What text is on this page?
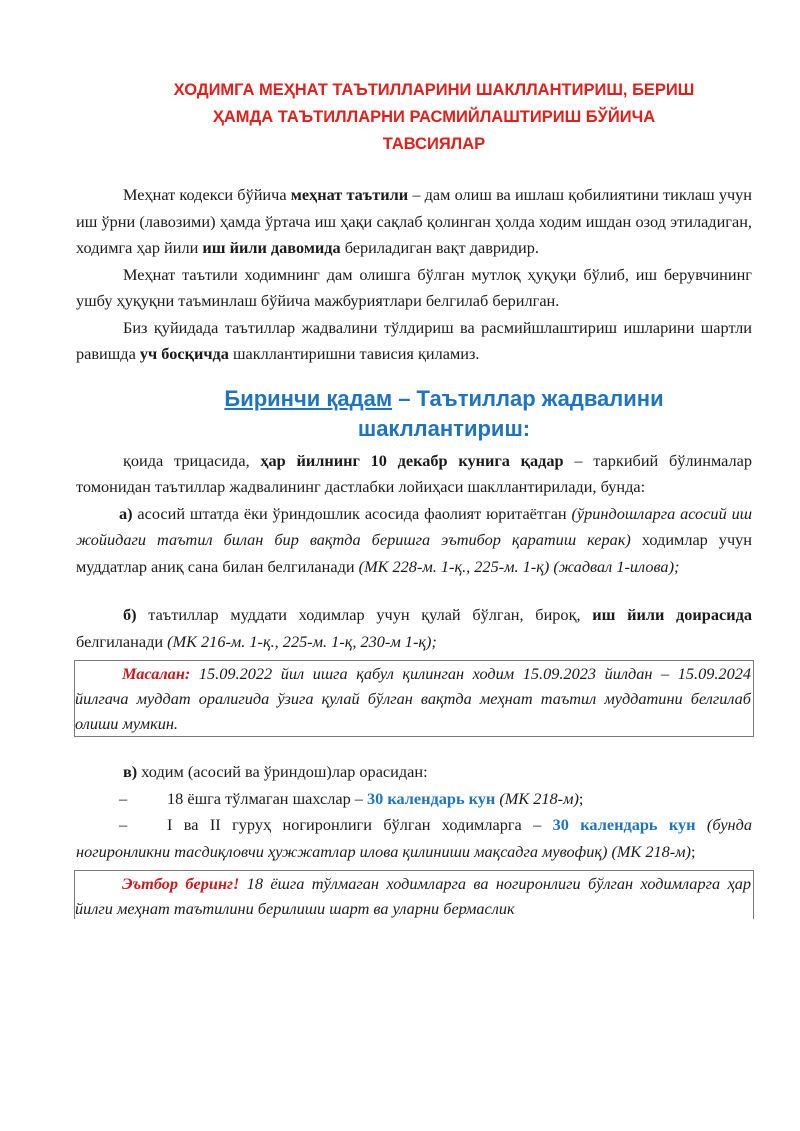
ХОДИМГА МЕҲНАТ ТАЪТИЛЛАРИНИ ШАКЛЛАНТИРИШ, БЕРИШ
ҲАМДА ТАЪТИЛЛАРНИ РАСМИЙЛАШТИРИШ БЎЙИЧА
ТАВСИЯЛАР

Меҳнат кодекси бўйича меҳнат таътили – дам олиш ва ишлаш қобилиятини тиклаш учун иш ўрни (лавозими) ҳамда ўртача иш ҳақи сақлаб қолинган ҳолда ходим ишдан озод этиладиган, ходимга ҳар йили иш йили давомида бериладиган вақт давридир.

Меҳнат таътили ходимнинг дам олишга бўлган мутлоқ ҳуқуқи бўлиб, иш берувчининг ушбу ҳуқуқни таъминлаш бўйича мажбуриятлари белгилаб берилган.

Биз қуйидада таътиллар жадвалини тўлдириш ва расмийшлаштириш ишларини шартли равишда уч босқичда шакллантиришни тависия қиламиз.

Биринчи қадам – Таътиллар жадвалини шакллантириш:

қоида трицасида, ҳар йилнинг 10 декабр кунига қадар – таркибий бўлинмалар томонидан таътиллар жадвалининг дастлабки лойиҳаси шакллантирилади, бунда:

а) асосий штатда ёки ўриндошлик асосида фаолият юритаётган (ўриндошларга асосий иш жойидаги таътил билан бир вақтда беришга эътибор қаратиш керак) ходимлар учун муддатлар аниқ сана билан белгиланади (МК 228-м. 1-қ., 225-м. 1-қ) (жадвал 1-илова);

б) таътиллар муддати ходимлар учун қулай бўлган, бироқ, иш йили доирасида белгиланади (МК 216-м. 1-қ., 225-м. 1-қ, 230-м 1-қ);

Масалан: 15.09.2022 йил ишга қабул қилинган ходим 15.09.2023 йилдан – 15.09.2024 йилгача муддат оралигида ўзига қулай бўлган вақтда меҳнат таътил муддатини белгилаб олиши мумкин.

в) ходим (асосий ва ўриндош)лар орасидан:

– 18 ёшга тўлмаган шахслар – 30 календарь кун (МК 218-м);

– I ва II гуруҳ ногиронлиги бўлган ходимларга – 30 календарь кун (бунда ногиронликни тасдиқловчи ҳужжатлар илова қилиниши мақсадга мувофиқ) (МК 218-м);

Эътбор беринг! 18 ёшга тўлмаган ходимларга ва ногиронлиги бўлган ходимларга ҳар йилги меҳнат таътилини берилиши шарт ва уларни бермаслик
